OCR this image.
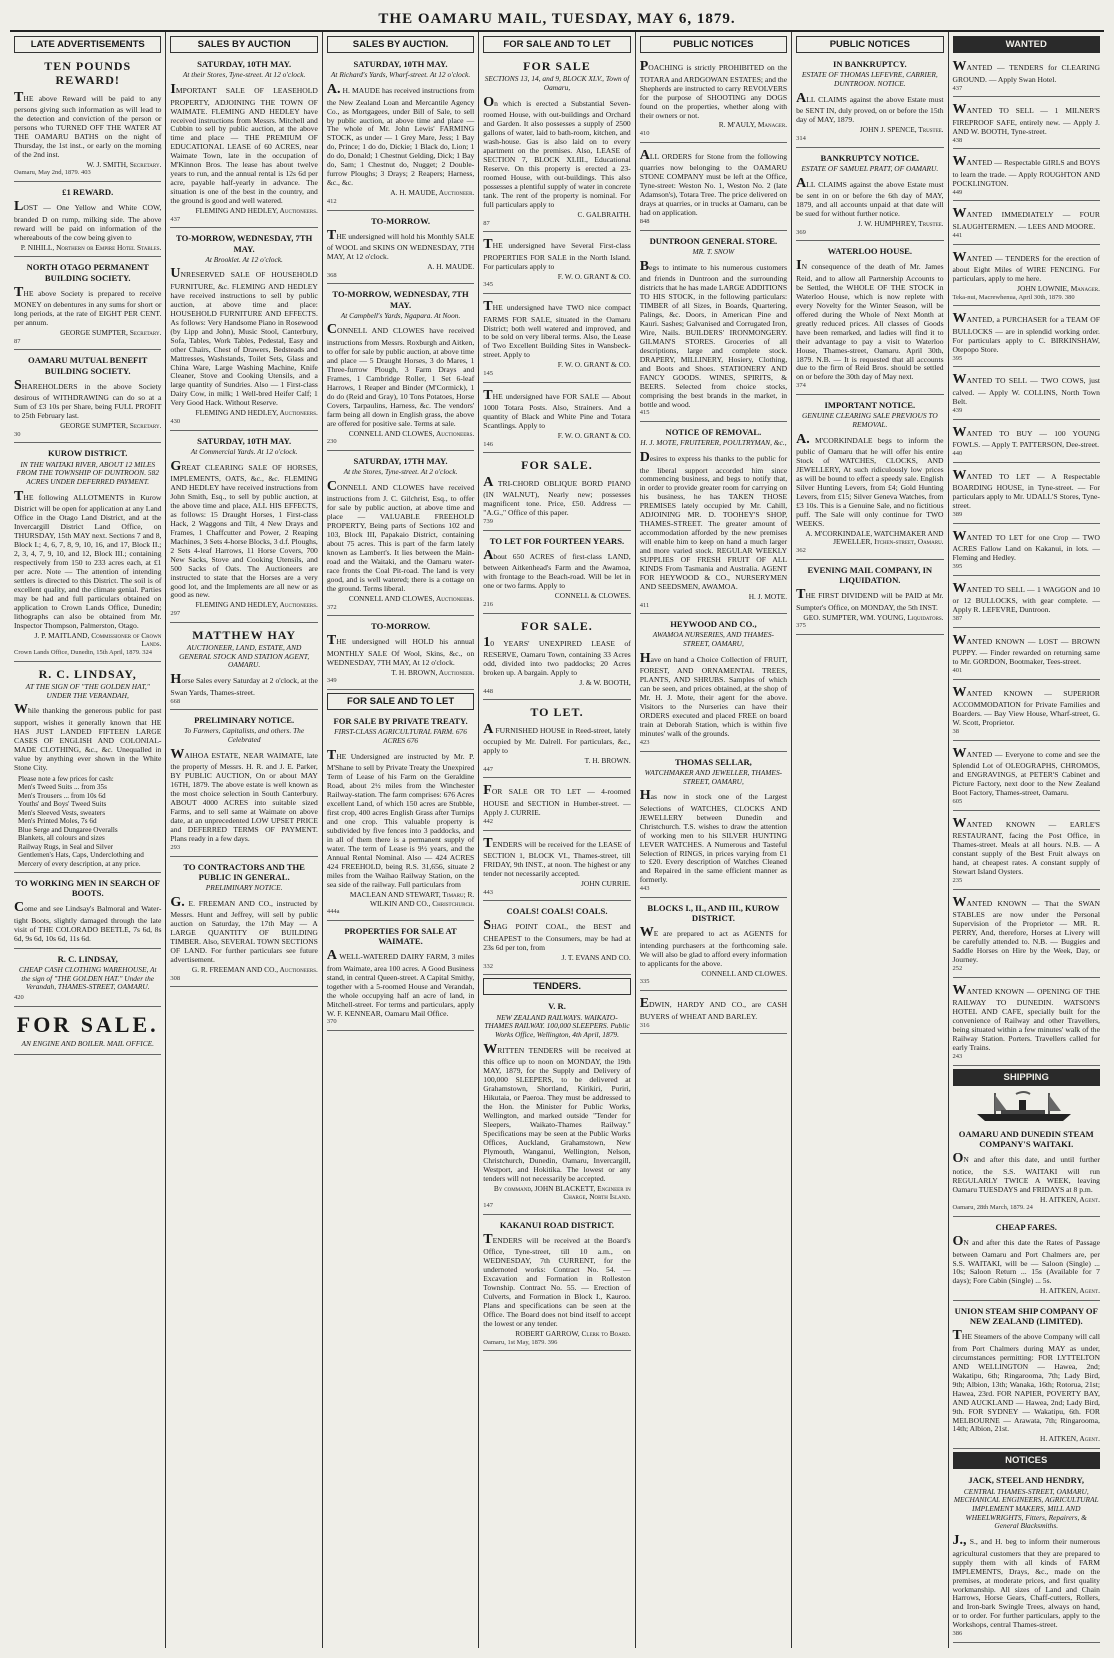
THE OAMARU MAIL, TUESDAY, MAY 6, 1879.
LATE ADVERTISEMENTS
TEN POUNDS REWARD!
THE above Reward will be paid to any persons giving such information as will lead to the detection and conviction of the person or persons who TURNED OFF THE WATER AT THE OAMARU BATHS on the night of Thursday, the 1st inst., or early on the morning of the 2nd inst.
W. J. SMITH, Secretary.
Oamaru, May 2nd, 1879. 403
£1 REWARD.
LOST — One Yellow and White COW, branded D on rump, milking side. The above reward will be paid on information of the whereabouts of the cow being given to
P. NIHILL, Northern or Empire Hotel Stables.
NORTH OTAGO PERMANENT BUILDING SOCIETY.
THE above Society is prepared to receive MONEY on debentures in any sums for short or long periods, at the rate of EIGHT PER CENT. per annum.
GEORGE SUMPTER, Secretary.
87
OAMARU MUTUAL BENEFIT BUILDING SOCIETY.
SHAREHOLDERS in the above Society desirous of WITHDRAWING can do so at a Sum of £3 10s per Share, being FULL PROFIT to 25th February last.
GEORGE SUMPTER, Secretary.
30
KUROW DISTRICT.
IN THE WAITAKI RIVER, ABOUT 12 MILES FROM THE TOWNSHIP OF DUNTROON. 582 ACRES UNDER DEFERRED PAYMENT.
THE following ALLOTMENTS in Kurow District will be open for application at any Land Office in the Otago Land District, and at the Invercargill District Land Office, on THURSDAY, 15th MAY next. Sections 7 and 8, Block I.; 4, 6, 7, 8, 9, 10, 16, and 17, Block II.; 2, 3, 4, 7, 9, 10, and 12, Block III.; containing respectively from 150 to 233 acres each, at £1 per acre. Note — The attention of intending settlers is directed to this District. The soil is of excellent quality, and the climate genial. Parties may be had and full particulars obtained on application to Crown Lands Office, Dunedin; lithographs can also be obtained from Mr. Inspector Thompson, Palmerston, Otago.
J. P. MAITLAND, Commissioner of Crown Lands.
Crown Lands Office, Dunedin, 15th April, 1879. 324
R. C. LINDSAY,
AT THE SIGN OF "THE GOLDEN HAT," UNDER THE VERANDAH,
While thanking the generous public for past support, wishes it generally known that HE HAS JUST LANDED FIFTEEN LARGE CASES OF ENGLISH AND COLONIAL-MADE CLOTHING, &c., &c. Unequalled in value by anything ever shown in the White Stone City.
Please note a few prices for cash:
Men's Tweed Suits ... from 35s
Men's Trousers ... from 10s 6d
Youths' and Boys' Tweed Suits
Men's Sleeved Vests, sweaters
Men's Printed Moles, 7s 6d
Blue Serge and Dungaree Overalls
Blankets, all colours and sizes
Railway Rugs, in Seal and Silver
Gentlemen's Hats, Caps, Underclothing and Mercery of every description, at any price.
TO WORKING MEN IN SEARCH OF BOOTS.
Come and see Lindsay's Balmoral and Water-tight Boots, slightly damaged through the late visit of THE COLORADO BEETLE, 7s 6d, 8s 6d, 9s 6d, 10s 6d, 11s 6d.
R. C. LINDSAY,
CHEAP CASH CLOTHING WAREHOUSE, At the sign of "THE GOLDEN HAT." Under the Verandah, THAMES-STREET, OAMARU.
420
FOR SALE.
AN ENGINE AND BOILER. MAIL OFFICE.
SALES BY AUCTION
SATURDAY, 10TH MAY.
At their Stores, Tyne-street. At 12 o'clock.
IMPORTANT SALE OF LEASEHOLD PROPERTY, ADJOINING THE TOWN OF WAIMATE. FLEMING AND HEDLEY have received instructions from Messrs. Mitchell and Cubbin to sell by public auction, at the above time and place — THE PREMIUM OF EDUCATIONAL LEASE of 60 ACRES, near Waimate Town, late in the occupation of M'Kinnon Bros. The lease has about twelve years to run, and the annual rental is 12s 6d per acre, payable half-yearly in advance. The situation is one of the best in the country, and the ground is good and well watered.
FLEMING AND HEDLEY, Auctioneers.
437
TO-MORROW, WEDNESDAY, 7TH MAY.
At Brooklet. At 12 o'clock.
UNRESERVED SALE OF HOUSEHOLD FURNITURE, &c. FLEMING AND HEDLEY have received instructions to sell by public auction, at above time and place: HOUSEHOLD FURNITURE AND EFFECTS. As follows: Very Handsome Piano in Rosewood (by Lipp and John), Music Stool, Canterbury, Sofa, Tables, Work Tables, Pedestal, Easy and other Chairs, Chest of Drawers, Bedsteads and Mattresses, Washstands, Toilet Sets, Glass and China Ware, Large Washing Machine, Knife Cleaner, Stove and Cooking Utensils, and a large quantity of Sundries. Also — 1 First-class Dairy Cow, in milk; 1 Well-bred Heifer Calf; 1 Very Good Hack. Without Reserve.
FLEMING AND HEDLEY, Auctioneers.
430
SATURDAY, 10TH MAY.
At Commercial Yards. At 12 o'clock.
GREAT CLEARING SALE OF HORSES, IMPLEMENTS, OATS, &c., &c. FLEMING AND HEDLEY have received instructions from John Smith, Esq., to sell by public auction, at the above time and place, ALL HIS EFFECTS, as follows: 15 Draught Horses, 1 First-class Hack, 2 Waggons and Tilt, 4 New Drays and Frames, 1 Chaffcutter and Power, 2 Reaping Machines, 3 Sets 4-horse Blocks, 3 d.f. Ploughs, 2 Sets 4-leaf Harrows, 11 Horse Covers, 700 New Sacks, Stove and Cooking Utensils, and 500 Sacks of Oats. The Auctioneers are instructed to state that the Horses are a very good lot, and the Implements are all new or as good as new.
FLEMING AND HEDLEY, Auctioneers.
297
MATTHEW HAY
AUCTIONEER, LAND, ESTATE, AND GENERAL STOCK AND STATION AGENT, OAMARU.
Horse Sales every Saturday at 2 o'clock, at the Swan Yards, Thames-street.
668
PRELIMINARY NOTICE.
To Farmers, Capitalists, and others. The Celebrated
WAIHOA ESTATE, NEAR WAIMATE, late the property of Messrs. H. R. and J. E. Parker, BY PUBLIC AUCTION, On or about MAY 16TH, 1879. The above estate is well known as the most choice selection in South Canterbury. ABOUT 4000 ACRES into suitable sized Farms, and to sell same at Waimate on above date, at an unprecedented LOW UPSET PRICE and DEFERRED TERMS OF PAYMENT. Plans ready in a few days.
293
TO CONTRACTORS AND THE PUBLIC IN GENERAL.
PRELIMINARY NOTICE.
G. E. FREEMAN AND CO., instructed by Messrs. Hunt and Jeffrey, will sell by public auction on Saturday, the 17th May — A LARGE QUANTITY OF BUILDING TIMBER. Also, SEVERAL TOWN SECTIONS OF LAND. For further particulars see future advertisement.
G. R. FREEMAN AND CO., Auctioneers.
308
SALES BY AUCTION.
SATURDAY, 10TH MAY.
At Richard's Yards, Wharf-street. At 12 o'clock.
A. H. MAUDE has received instructions from the New Zealand Loan and Mercantile Agency Co., as Mortgagees, under Bill of Sale, to sell by public auction, at above time and place — The whole of Mr. John Lewis' FARMING STOCK, as under — 1 Grey Mare, Jess; 1 Bay do, Prince; 1 do do, Dickie; 1 Black do, Lion; 1 do do, Donald; 1 Chestnut Gelding, Dick; 1 Bay do, Sam; 1 Chestnut do, Nugget; 2 Double-furrow Ploughs; 3 Drays; 2 Reapers; Harness, &c., &c.
A. H. MAUDE, Auctioneer.
412
TO-MORROW.
THE undersigned will hold his Monthly SALE of WOOL and SKINS ON WEDNESDAY, 7TH MAY, At 12 o'clock.
A. H. MAUDE.
368
TO-MORROW, WEDNESDAY, 7TH MAY.
At Campbell's Yards, Ngapara. At Noon.
CONNELL AND CLOWES have received instructions from Messrs. Roxburgh and Aitken, to offer for sale by public auction, at above time and place — 5 Draught Horses, 3 do Mares, 1 Three-furrow Plough, 3 Farm Drays and Frames, 1 Cambridge Roller, 1 Set 6-leaf Harrows, 1 Reaper and Binder (M'Cormick), 1 do do (Reid and Gray), 10 Tons Potatoes, Horse Covers, Tarpaulins, Harness, &c. The vendors' farm being all down in English grass, the above are offered for positive sale. Terms at sale.
CONNELL AND CLOWES, Auctioneers.
230
SATURDAY, 17TH MAY.
At the Stores, Tyne-street. At 2 o'clock.
CONNELL AND CLOWES have received instructions from J. C. Gilchrist, Esq., to offer for sale by public auction, at above time and place — VALUABLE FREEHOLD PROPERTY, Being parts of Sections 102 and 103, Block III, Papakaio District, containing about 75 acres. This is part of the farm lately known as Lambert's. It lies between the Main-road and the Waitaki, and the Oamaru water-race fronts the Coal Pit-road. The land is very good, and is well watered; there is a cottage on the ground. Terms liberal.
CONNELL AND CLOWES, Auctioneers.
372
TO-MORROW.
THE undersigned will HOLD his annual MONTHLY SALE Of Wool, Skins, &c., on WEDNESDAY, 7TH MAY, At 12 o'clock.
T. H. BROWN, Auctioneer.
349
FOR SALE AND TO LET
FOR SALE BY PRIVATE TREATY.
FIRST-CLASS AGRICULTURAL FARM. 676 ACRES 676
THE Undersigned are instructed by Mr. P. M'Shane to sell by Private Treaty the Unexpired Term of Lease of his Farm on the Geraldine Road, about 2½ miles from the Winchester Railway-station. The farm comprises: 676 Acres excellent Land, of which 150 acres are Stubble, first crop, 400 acres English Grass after Turnips and one crop. This valuable property is subdivided by five fences into 3 paddocks, and in all of them there is a permanent supply of water. The term of Lease is 9½ years, and the Annual Rental Nominal. Also — 424 ACRES 424 FREEHOLD, being R.S. 31,656, situate 2 miles from the Waihao Railway Station, on the sea side of the railway. Full particulars from
MACLEAN AND STEWART, Timaru; R. WILKIN AND CO., Christchurch.
444a
PROPERTIES FOR SALE AT WAIMATE.
A WELL-WATERED DAIRY FARM, 3 miles from Waimate, area 100 acres. A Good Business stand, in central Queen-street. A Capital Smithy, together with a 5-roomed House and Verandah, the whole occupying half an acre of land, in Mitchell-street. For terms and particulars, apply W. F. KENNEAR, Oamaru Mail Office.
370
FOR SALE AND TO LET
FOR SALE
SECTIONS 13, 14, and 9, BLOCK XLV., Town of Oamaru,
On which is erected a Substantial Seven-roomed House, with out-buildings and Orchard and Garden. It also possesses a supply of 2500 gallons of water, laid to bath-room, kitchen, and wash-house. Gas is also laid on to every apartment on the premises. Also, LEASE of SECTION 7, BLOCK XLIII., Educational Reserve. On this property is erected a 23-roomed House, with out-buildings. This also possesses a plentiful supply of water in concrete tank. The rent of the property is nominal. For full particulars apply to
C. GALBRAITH.
87
THE undersigned have Several First-class PROPERTIES FOR SALE in the North Island. For particulars apply to
F. W. O. GRANT & CO.
345
THE undersigned have TWO nice compact FARMS FOR SALE, situated in the Oamaru District; both well watered and improved, and to be sold on very liberal terms. Also, the Lease of Two Excellent Building Sites in Wansbeck-street. Apply to
F. W. O. GRANT & CO.
145
THE undersigned have FOR SALE — About 1000 Totara Posts. Also, Strainers. And a quantity of Black and White Pine and Totara Scantlings. Apply to
F. W. O. GRANT & CO.
146
FOR SALE.
A TRI-CHORD OBLIQUE BORD PIANO (IN WALNUT), Nearly new; possesses magnificent tone. Price, £50. Address — "A.G.," Office of this paper.
739
TO LET FOR FOURTEEN YEARS.
About 650 ACRES of first-class LAND, between Aitkenhead's Farm and the Awamoa, with frontage to the Beach-road. Will be let in one or two farms. Apply to
CONNELL & CLOWES.
216
FOR SALE.
10 YEARS' UNEXPIRED LEASE of RESERVE, Oamaru Town, containing 33 Acres odd, divided into two paddocks; 20 Acres broken up. A bargain. Apply to
J. & W. BOOTH,
448
TO LET.
A FURNISHED HOUSE in Reed-street, lately occupied by Mr. Dalrell. For particulars, &c., apply to
T. H. BROWN.
447
FOR SALE OR TO LET — 4-roomed HOUSE and SECTION in Humber-street. — Apply J. CURRIE.
442
TENDERS will be received for the LEASE of SECTION 1, BLOCK VI., Thames-street, till FRIDAY, 9th INST., at noon. The highest or any tender not necessarily accepted.
JOHN CURRIE.
443
COALS! COALS! COALS.
SHAG POINT COAL, the BEST and CHEAPEST to the Consumers, may be had at 23s 6d per ton, from
J. T. EVANS AND CO.
332
TENDERS.
V. R.
NEW ZEALAND RAILWAYS. WAIKATO-THAMES RAILWAY. 100,000 SLEEPERS. Public Works Office, Wellington, 4th April, 1879.
WRITTEN TENDERS will be received at this office up to noon on MONDAY, the 19th MAY, 1879, for the Supply and Delivery of 100,000 SLEEPERS, to be delivered at Grahamstown, Shortland, Kirikiri, Puriri, Hikutaia, or Paeroa. They must be addressed to the Hon. the Minister for Public Works, Wellington, and marked outside "Tender for Sleepers, Waikato-Thames Railway." Specifications may be seen at the Public Works Offices, Auckland, Grahamstown, New Plymouth, Wanganui, Wellington, Nelson, Christchurch, Dunedin, Oamaru, Invercargill, Westport, and Hokitika. The lowest or any tenders will not necessarily be accepted.
By command, JOHN BLACKETT, Engineer in Charge, North Island.
147
KAKANUI ROAD DISTRICT.
TENDERS will be received at the Board's Office, Tyne-street, till 10 a.m., on WEDNESDAY, 7th CURRENT, for the undernoted works: Contract No. 54. — Excavation and Formation in Rolleston Township. Contract No. 55. — Erection of Culverts, and Formation in Block I., Kauroo. Plans and specifications can be seen at the Office. The Board does not bind itself to accept the lowest or any tender.
ROBERT GARROW, Clerk to Board.
Oamaru, 1st May, 1879. 396
PUBLIC NOTICES
POACHING is strictly PROHIBITED on the TOTARA and ARDGOWAN ESTATES; and the Shepherds are instructed to carry REVOLVERS for the purpose of SHOOTING any DOGS found on the properties, whether along with their owners or not.
R. M'AULY, Manager.
410
ALL ORDERS for Stone from the following quarries now belonging to the OAMARU STONE COMPANY must be left at the Office, Tyne-street: Weston No. 1, Weston No. 2 (late Adamson's), Totara Tree. The price delivered on drays at quarries, or in trucks at Oamaru, can be had on application.
848
DUNTROON GENERAL STORE.
MR. T. SNOW
Begs to intimate to his numerous customers and friends in Duntroon and the surrounding districts that he has made LARGE ADDITIONS TO HIS STOCK, in the following particulars: TIMBER of all Sizes, in Boards, Quartering, Palings, &c. Doors, in American Pine and Kauri. Sashes; Galvanised and Corrugated Iron, Wire, Nails. BUILDERS' IRONMONGERY. GILMAN'S STORES. Groceries of all descriptions, large and complete stock. DRAPERY, MILLINERY, Hosiery, Clothing, and Boots and Shoes. STATIONERY AND FANCY GOODS. WINES, SPIRITS, & BEERS. Selected from choice stocks, comprising the best brands in the market, in bottle and wood.
415
NOTICE OF REMOVAL.
H. J. MOTE, FRUITERER, POULTRYMAN, &c.,
Desires to express his thanks to the public for the liberal support accorded him since commencing business, and begs to notify that, in order to provide greater room for carrying on his business, he has TAKEN THOSE PREMISES lately occupied by Mr. Cahill, ADJOINING MR. D. TOOHEY'S SHOP, THAMES-STREET. The greater amount of accommodation afforded by the new premises will enable him to keep on hand a much larger and more varied stock. REGULAR WEEKLY SUPPLIES OF FRESH FRUIT OF ALL KINDS From Tasmania and Australia. AGENT FOR HEYWOOD & CO., NURSERYMEN AND SEEDSMEN, AWAMOA.
H. J. MOTE.
411
HEYWOOD AND CO.,
AWAMOA NURSERIES, AND THAMES-STREET, OAMARU,
Have on hand a Choice Collection of FRUIT, FOREST, AND ORNAMENTAL TREES, PLANTS, AND SHRUBS. Samples of which can be seen, and prices obtained, at the shop of Mr. H. J. Mote, their agent for the above. Visitors to the Nurseries can have their ORDERS executed and placed FREE on board train at Deborah Station, which is within five minutes' walk of the grounds.
423
THOMAS SELLAR,
WATCHMAKER AND JEWELLER, THAMES-STREET, OAMARU,
Has now in stock one of the Largest Selections of WATCHES, CLOCKS AND JEWELLERY between Dunedin and Christchurch. T.S. wishes to draw the attention of working men to his SILVER HUNTING LEVER WATCHES. A Numerous and Tasteful Selection of RINGS, in prices varying from £1 to £20. Every description of Watches Cleaned and Repaired in the same efficient manner as formerly.
443
BLOCKS I., II., AND III., KUROW DISTRICT.
WE are prepared to act as AGENTS for intending purchasers at the forthcoming sale. We will also be glad to afford every information to applicants for the above.
CONNELL AND CLOWES.
335
EDWIN, HARDY AND CO., are CASH BUYERS of WHEAT AND BARLEY.
316
PUBLIC NOTICES
IN BANKRUPTCY.
ESTATE OF THOMAS LEFEVRE, CARRIER, DUNTROON. NOTICE.
ALL CLAIMS against the above Estate must be SENT IN, duly proved, on or before the 15th day of MAY, 1879.
JOHN J. SPENCE, Trustee.
314
BANKRUPTCY NOTICE.
ESTATE OF SAMUEL PRATT, OF OAMARU.
ALL CLAIMS against the above Estate must be sent in on or before the 6th day of MAY, 1879, and all accounts unpaid at that date will be sued for without further notice.
J. W. HUMPHREY, Trustee.
369
WATERLOO HOUSE.
IN consequence of the death of Mr. James Reid, and to allow all Partnership Accounts to be Settled, the WHOLE OF THE STOCK in Waterloo House, which is now replete with every Novelty for the Winter Season, will be offered during the Whole of Next Month at greatly reduced prices. All classes of Goods have been remarked, and ladies will find it to their advantage to pay a visit to Waterloo House, Thames-street, Oamaru. April 30th, 1879. N.B. — It is requested that all accounts due to the firm of Reid Bros. should be settled on or before the 30th day of May next.
374
IMPORTANT NOTICE.
GENUINE CLEARING SALE PREVIOUS TO REMOVAL.
A. M'CORKINDALE begs to inform the public of Oamaru that he will offer his entire Stock of WATCHES, CLOCKS, AND JEWELLERY, At such ridiculously low prices as will be bound to effect a speedy sale. English Silver Hunting Levers, from £4; Gold Hunting Levers, from £15; Silver Geneva Watches, from £3 10s. This is a Genuine Sale, and no fictitious puff. The Sale will only continue for TWO WEEKS.
A. M'CORKINDALE, WATCHMAKER AND JEWELLER, Itchen-street, Oamaru.
362
EVENING MAIL COMPANY, IN LIQUIDATION.
THE FIRST DIVIDEND will be PAID at Mr. Sumpter's Office, on MONDAY, the 5th INST.
GEO. SUMPTER, WM. YOUNG, Liquidators.
375
WANTED
WANTED — TENDERS for CLEARING GROUND. — Apply Swan Hotel.
437
WANTED TO SELL — 1 MILNER'S FIREPROOF SAFE, entirely new. — Apply J. AND W. BOOTH, Tyne-street.
438
WANTED — Respectable GIRLS and BOYS to learn the trade. — Apply ROUGHTON AND POCKLINGTON.
449
WANTED IMMEDIATELY — FOUR SLAUGHTERMEN. — LEES AND MOORE.
441
WANTED — TENDERS for the erection of about Eight Miles of WIRE FENCING. For particulars, apply to me here.
JOHN LOWNIE, Manager.
Teka-nui, Macrewhenua, April 30th, 1879. 380
WANTED, a PURCHASER for a TEAM OF BULLOCKS — are in splendid working order. For particulars apply to C. BIRKINSHAW, Otepopo Store.
395
WANTED TO SELL — TWO COWS, just calved. — Apply W. COLLINS, North Town Belt.
439
WANTED TO BUY — 100 YOUNG FOWLS. — Apply T. PATTERSON, Dee-street.
440
WANTED TO LET — A Respectable BOARDING HOUSE, in Tyne-street. — For particulars apply to Mr. UDALL'S Stores, Tyne-street.
389
WANTED TO LET for one Crop — TWO ACRES Fallow Land on Kakanui, in lots. — Fleming and Hedley.
395
WANTED TO SELL — 1 WAGGON and 10 or 12 BULLOCKS, with gear complete. — Apply R. LEFEVRE, Duntroon.
387
WANTED KNOWN — LOST — BROWN PUPPY. — Finder rewarded on returning same to Mr. GORDON, Bootmaker, Tees-street.
401
WANTED KNOWN — SUPERIOR ACCOMMODATION for Private Families and Boarders. — Bay View House, Wharf-street, G. W. Scott, Proprietor.
38
WANTED — Everyone to come and see the Splendid Lot of OLEOGRAPHS, CHROMOS, and ENGRAVINGS, at PETER'S Cabinet and Picture Factory, next door to the New Zealand Boot Factory, Thames-street, Oamaru.
605
WANTED KNOWN — EARLE'S RESTAURANT, facing the Post Office, in Thames-street. Meals at all hours. N.B. — A constant supply of the Best Fruit always on hand, at cheapest rates. A constant supply of Stewart Island Oysters.
235
WANTED KNOWN — That the SWAN STABLES are now under the Personal Supervision of the Proprietor — MR. R. PERRY, And, therefore, Horses at Livery will be carefully attended to. N.B. — Buggies and Saddle Horses on Hire by the Week, Day, or Journey.
252
WANTED KNOWN — OPENING OF THE RAILWAY TO DUNEDIN. WATSON'S HOTEL AND CAFE, specially built for the convenience of Railway and other Travellers, being situated within a few minutes' walk of the Railway Station. Porters. Travellers called for early Trains.
243
SHIPPING
OAMARU AND DUNEDIN STEAM COMPANY'S WAITAKI.
ON and after this date, and until further notice, the S.S. WAITAKI will run REGULARLY TWICE A WEEK, leaving Oamaru TUESDAYS and FRIDAYS at 8 p.m.
H. AITKEN, Agent.
Oamaru, 28th March, 1879. 24
CHEAP FARES.
ON and after this date the Rates of Passage between Oamaru and Port Chalmers are, per S.S. WAITAKI, will be — Saloon (Single) ... 10s; Saloon Return ... 15s (Available for 7 days); Fore Cabin (Single) ... 5s.
H. AITKEN, Agent.
UNION STEAM SHIP COMPANY OF NEW ZEALAND (LIMITED).
THE Steamers of the above Company will call from Port Chalmers during MAY as under, circumstances permitting: FOR LYTTELTON AND WELLINGTON — Hawea, 2nd; Wakatipu, 6th; Ringarooma, 7th; Lady Bird, 9th; Albion, 13th; Wanaka, 16th; Rotorua, 21st; Hawea, 23rd. FOR NAPIER, POVERTY BAY, AND AUCKLAND — Hawea, 2nd; Lady Bird, 9th. FOR SYDNEY — Wakatipu, 6th. FOR MELBOURNE — Arawata, 7th; Ringarooma, 14th; Albion, 21st.
H. AITKEN, Agent.
NOTICES
JACK, STEEL AND HENDRY,
CENTRAL THAMES-STREET, OAMARU, MECHANICAL ENGINEERS, AGRICULTURAL IMPLEMENT MAKERS, MILL AND WHEELWRIGHTS, Fitters, Repairers, & General Blacksmiths.
J., S., and H. beg to inform their numerous agricultural customers that they are prepared to supply them with all kinds of FARM IMPLEMENTS, Drays, &c., made on the premises, at moderate prices, and first quality workmanship. All sizes of Land and Chain Harrows, Horse Gears, Chaff-cutters, Rollers, and Iron-bark Swingle Trees, always on hand, or to order. For further particulars, apply to the Workshops, central Thames-street.
386
